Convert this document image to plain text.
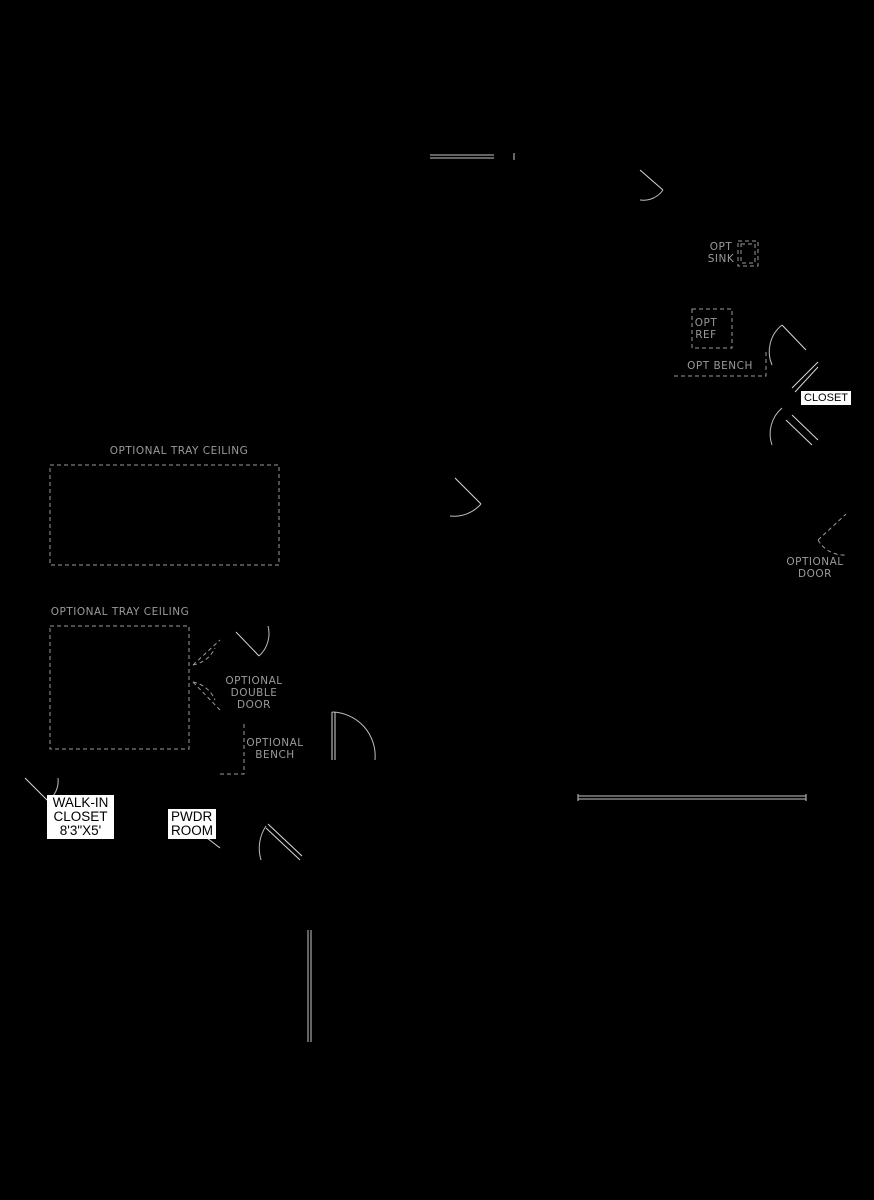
OPT
SINK
OPT
REF
OPT BENCH
CLOSET
OPTIONAL
DOOR
OPTIONAL TRAY CEILING
OPTIONAL TRAY CEILING
OPTIONAL
DOUBLE
DOOR
OPTIONAL
BENCH
WALK-IN
CLOSET
8'3"X5'
PWDR
ROOM
